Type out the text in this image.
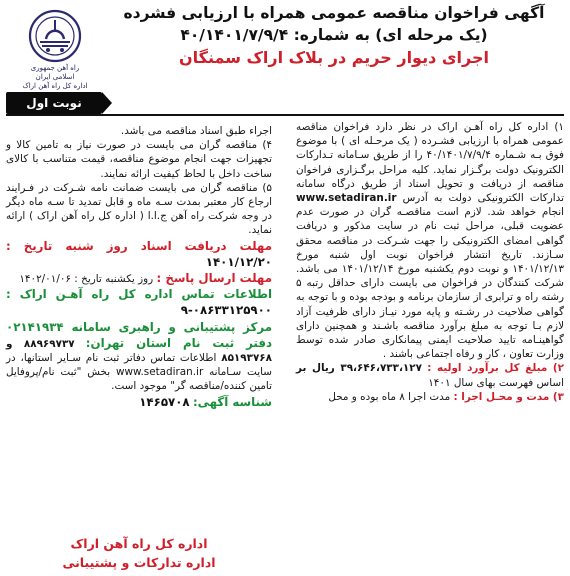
راه آهن جمهوری
اسلامی ایران
اداره کل راه آهن اراک
آگهی فراخوان مناقصه عمومی همراه با ارزیابی فشرده
(یک مرحله ای) به شماره: ۴۰/۱۴۰۱/۷/۹/۴
اجرای دیوار حریم در بلاک اراک سمنگان
نوبت اول
۱) اداره کل راه آهـن اراک در نظر دارد فراخوان مناقصه عمومی همراه با ارزیابی فشـرده ( یک مرحـله ای ) با موضوع فوق بـه شـماره ۴۰/۱۴۰۱/۷/۹/۴ را از طریق سـامانه تـدارکات الکترونیک دولت برگـزار نماید. کلیه مراحل برگـزاری فراخوان مناقصه از دریافت و تحویل اسناد از طریق درگاه سامانه تدارکات الکترونیکی دولت به آدرس www.setadiran.ir انجام خواهد شد. لازم است مناقصـه گران در صورت عدم عضویت قبلی، مراحل ثبت نام در سایت مذکور و دریافت گواهی امضای الکترونیکی را جهت شـرکت در مناقصه محقق سـازند. تاریخ انتشار فراخوان نوبت اول شنبه مورخ ۱۴۰۱/۱۲/۱۳ و نوبت دوم یکشنبه مورخ ۱۴۰۱/۱۲/۱۴ می باشد. شرکت کنندگان در فراخوان می بایست دارای حداقل رتبه ۵ رشته راه و ترابری از سازمان برنامه و بودجه بوده و با توجه به گواهی صلاحیت در رشـته و پایه مورد نیـاز دارای ظرفیت آزاد لازم بـا توجه به مبلغ برآورد مناقصه باشـند و همچنین دارای گواهینـامه تایید صلاحیت ایمنی پیمانکاری صادر شده توسط وزارت تعاون ، کار و رفاه اجتماعی باشند .
۲) مبلغ کل برآورد اولیه : ۳۹،۶۴۶،۷۳۳،۱۲۷ ریال بر اساس فهرست بهای سال ۱۴۰۱
۳) مدت و محـل اجرا : مدت اجرا ۸ ماه بوده و محل
اجراء طبق اسناد مناقصه می باشد.
۴) مناقصه گران می بایست در صورت نیاز به تامین کالا و تجهیزات جهت انجام موضوع مناقصه، قیمت متناسب با کالای ساخت داخل با لحاظ کیفیت ارائه نمایند.
۵) مناقصه گران می بایست ضمانت نامه شـرکت در فـرایند ارجاع کار معتبر بمدت سـه ماه و قابل تمدید تا سـه ماه دیگر در وجه شرکت راه آهن ج.ا.ا ( اداره کل راه آهن اراک ) ارائه نماید.
مهلت دریافت اسناد روز شنبه تاریخ : ۱۴۰۱/۱۲/۲۰
مهلت ارسال پاسخ : روز یکشنبه تاریخ : ۱۴۰۲/۰۱/۰۶
اطلاعات تماس اداره کل راه آهـن اراک : ۰۸۶۳۳۱۲۵۹۰۰-۹
مرکز پشتیبانی و راهبری سامانه ۰۲۱۴۱۹۳۴ دفتر ثبت نام استان تهران: ۸۸۹۶۹۷۳۷ و ۸۵۱۹۳۷۶۸ اطلاعات تماس دفاتر ثبت نام سـایر استانها، در سایت سـامانه www.setadiran.ir بخش "ثبت نام/پروفایل تامین کننده/مناقصه گر" موجود است.
شناسه آگهی: ۱۴۶۵۷۰۸
اداره کل راه آهن اراک
اداره تدارکات و پشتیبانی
